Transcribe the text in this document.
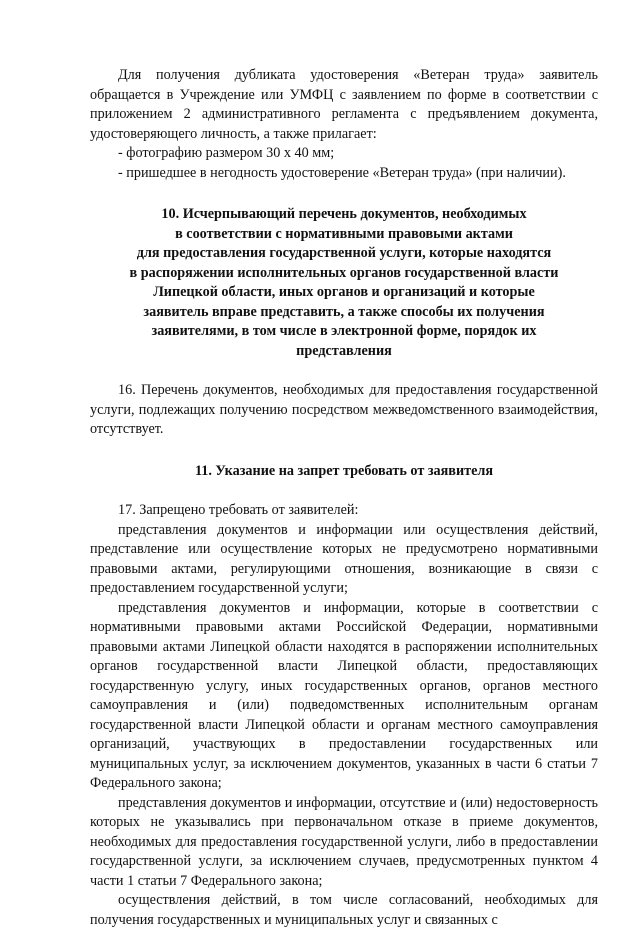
Для получения дубликата удостоверения «Ветеран труда» заявитель обращается в Учреждение или УМФЦ с заявлением по форме в соответствии с приложением 2 административного регламента с предъявлением документа, удостоверяющего личность, а также прилагает:

- фотографию размером 30 х 40 мм;

- пришедшее в негодность удостоверение «Ветеран труда» (при наличии).

10. Исчерпывающий перечень документов, необходимых
в соответствии с нормативными правовыми актами
для предоставления государственной услуги, которые находятся
в распоряжении исполнительных органов государственной власти
Липецкой области, иных органов и организаций и которые
заявитель вправе представить, а также способы их получения
заявителями, в том числе в электронной форме, порядок их
представления

16. Перечень документов, необходимых для предоставления государственной услуги, подлежащих получению посредством межведомственного взаимодействия, отсутствует.

11. Указание на запрет требовать от заявителя

17. Запрещено требовать от заявителей:

представления документов и информации или осуществления действий, представление или осуществление которых не предусмотрено нормативными правовыми актами, регулирующими отношения, возникающие в связи с предоставлением государственной услуги;

представления документов и информации, которые в соответствии с нормативными правовыми актами Российской Федерации, нормативными правовыми актами Липецкой области находятся в распоряжении исполнительных органов государственной власти Липецкой области, предоставляющих государственную услугу, иных государственных органов, органов местного самоуправления и (или) подведомственных исполнительным органам государственной власти Липецкой области и органам местного самоуправления организаций, участвующих в предоставлении государственных или муниципальных услуг, за исключением документов, указанных в части 6 статьи 7 Федерального закона;

представления документов и информации, отсутствие и (или) недостоверность которых не указывались при первоначальном отказе в приеме документов, необходимых для предоставления государственной услуги, либо в предоставлении государственной услуги, за исключением случаев, предусмотренных пунктом 4 части 1 статьи 7 Федерального закона;

осуществления действий, в том числе согласований, необходимых для получения государственных и муниципальных услуг и связанных с
